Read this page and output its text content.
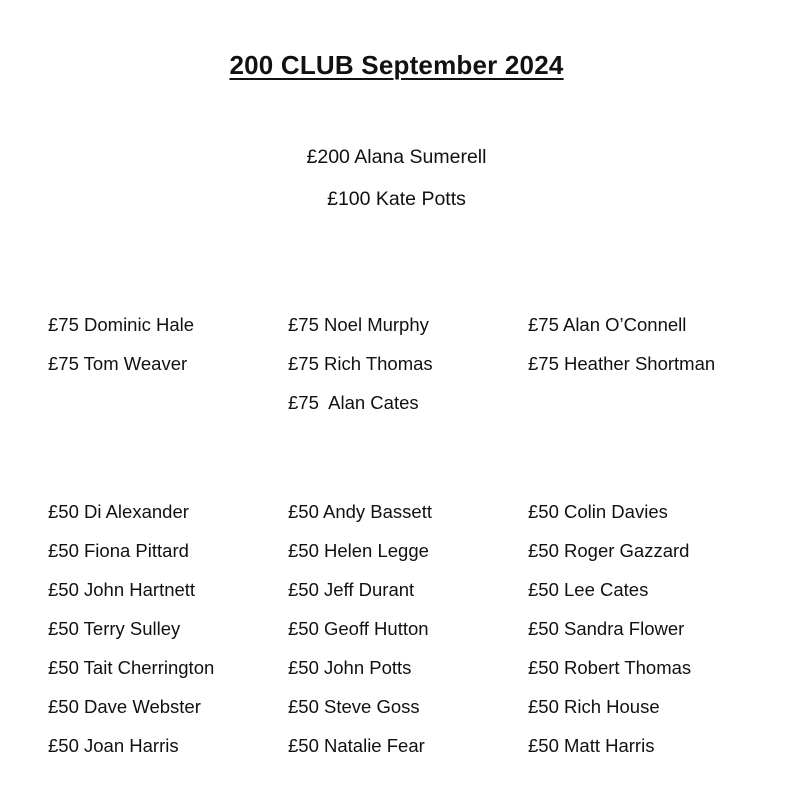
200 CLUB September 2024
£200 Alana Sumerell
£100 Kate Potts
£75 Dominic Hale
£75 Tom Weaver
£75 Noel Murphy
£75 Rich Thomas
£75  Alan Cates
£75 Alan O’Connell
£75 Heather Shortman
£50 Di Alexander
£50 Fiona Pittard
£50 John Hartnett
£50 Terry Sulley
£50 Tait Cherrington
£50 Dave Webster
£50 Joan Harris
£50 Andy Bassett
£50 Helen Legge
£50 Jeff Durant
£50 Geoff Hutton
£50 John Potts
£50 Steve Goss
£50 Natalie Fear
£50 Colin Davies
£50 Roger Gazzard
£50 Lee Cates
£50 Sandra Flower
£50 Robert Thomas
£50 Rich House
£50 Matt Harris
